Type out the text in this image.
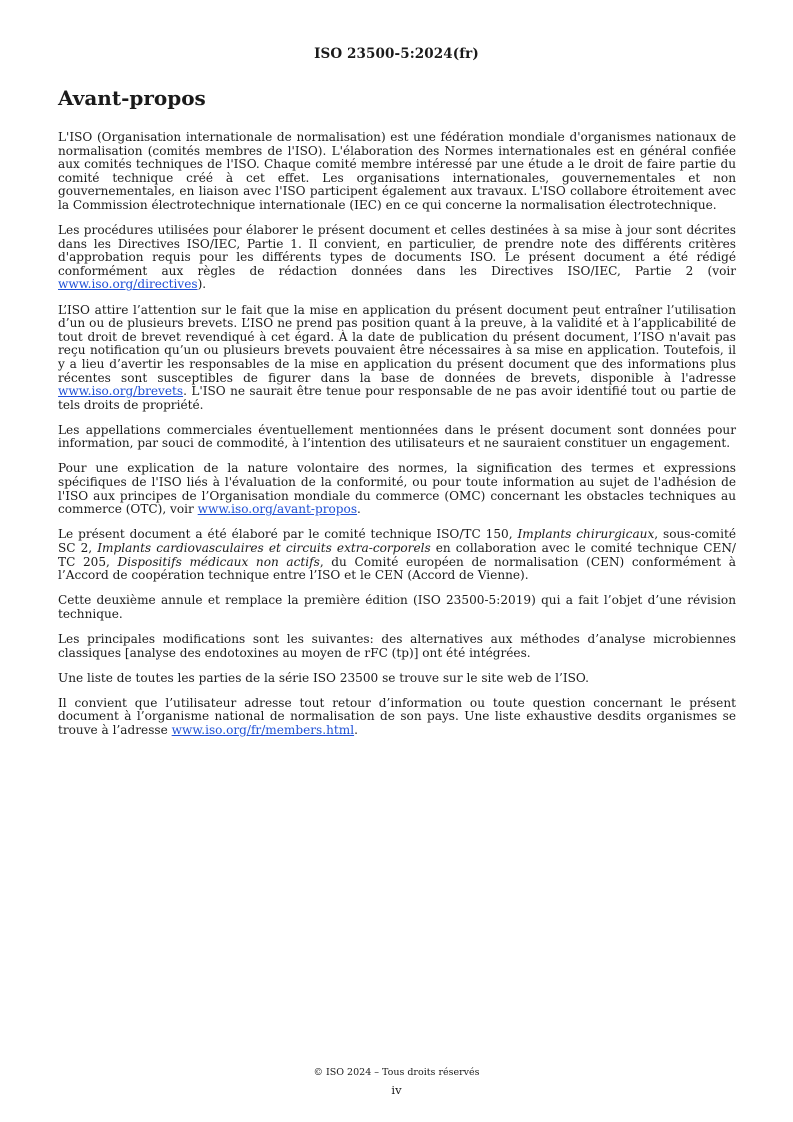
ISO 23500-5:2024(fr)
Avant-propos

L'ISO (Organisation internationale de normalisation) est une fédération mondiale d'organismes nationaux de normalisation (comités membres de l'ISO). L'élaboration des Normes internationales est en général confiée aux comités techniques de l'ISO. Chaque comité membre intéressé par une étude a le droit de faire partie du comité technique créé à cet effet. Les organisations internationales, gouvernementales et non gouvernementales, en liaison avec l'ISO participent également aux travaux. L'ISO collabore étroitement avec la Commission électrotechnique internationale (IEC) en ce qui concerne la normalisation électrotechnique.

Les procédures utilisées pour élaborer le présent document et celles destinées à sa mise à jour sont décrites dans les Directives ISO/IEC, Partie 1. Il convient, en particulier, de prendre note des différents critères d'approbation requis pour les différents types de documents ISO. Le présent document a été rédigé conformément aux règles de rédaction données dans les Directives ISO/IEC, Partie 2 (voir www.iso.org/directives).

L’ISO attire l’attention sur le fait que la mise en application du présent document peut entraîner l’utilisation d’un ou de plusieurs brevets. L’ISO ne prend pas position quant à la preuve, à la validité et à l’applicabilité de tout droit de brevet revendiqué à cet égard. À la date de publication du présent document, l’ISO n'avait pas reçu notification qu’un ou plusieurs brevets pouvaient être nécessaires à sa mise en application. Toutefois, il y a lieu d’avertir les responsables de la mise en application du présent document que des informations plus récentes sont susceptibles de figurer dans la base de données de brevets, disponible à l'adresse www.iso.org/brevets. L'ISO ne saurait être tenue pour responsable de ne pas avoir identifié tout ou partie de tels droits de propriété.

Les appellations commerciales éventuellement mentionnées dans le présent document sont données pour information, par souci de commodité, à l’intention des utilisateurs et ne sauraient constituer un engagement.

Pour une explication de la nature volontaire des normes, la signification des termes et expressions spécifiques de l'ISO liés à l'évaluation de la conformité, ou pour toute information au sujet de l'adhésion de l'ISO aux principes de l’Organisation mondiale du commerce (OMC) concernant les obstacles techniques au commerce (OTC), voir www.iso.org/avant-propos.

Le présent document a été élaboré par le comité technique ISO/TC 150, Implants chirurgicaux, sous-comité SC 2, Implants cardiovasculaires et circuits extra-corporels en collaboration avec le comité technique CEN/ TC 205, Dispositifs médicaux non actifs, du Comité européen de normalisation (CEN) conformément à l’Accord de coopération technique entre l’ISO et le CEN (Accord de Vienne).

Cette deuxième annule et remplace la première édition (ISO 23500-5:2019) qui a fait l’objet d’une révision technique.

Les principales modifications sont les suivantes: des alternatives aux méthodes d’analyse microbiennes classiques [analyse des endotoxines au moyen de rFC (tp)] ont été intégrées.

Une liste de toutes les parties de la série ISO 23500 se trouve sur le site web de l’ISO.

Il convient que l’utilisateur adresse tout retour d’information ou toute question concernant le présent document à l’organisme national de normalisation de son pays. Une liste exhaustive desdits organismes se trouve à l’adresse www.iso.org/fr/members.html.

© ISO 2024 – Tous droits réservés
iv
